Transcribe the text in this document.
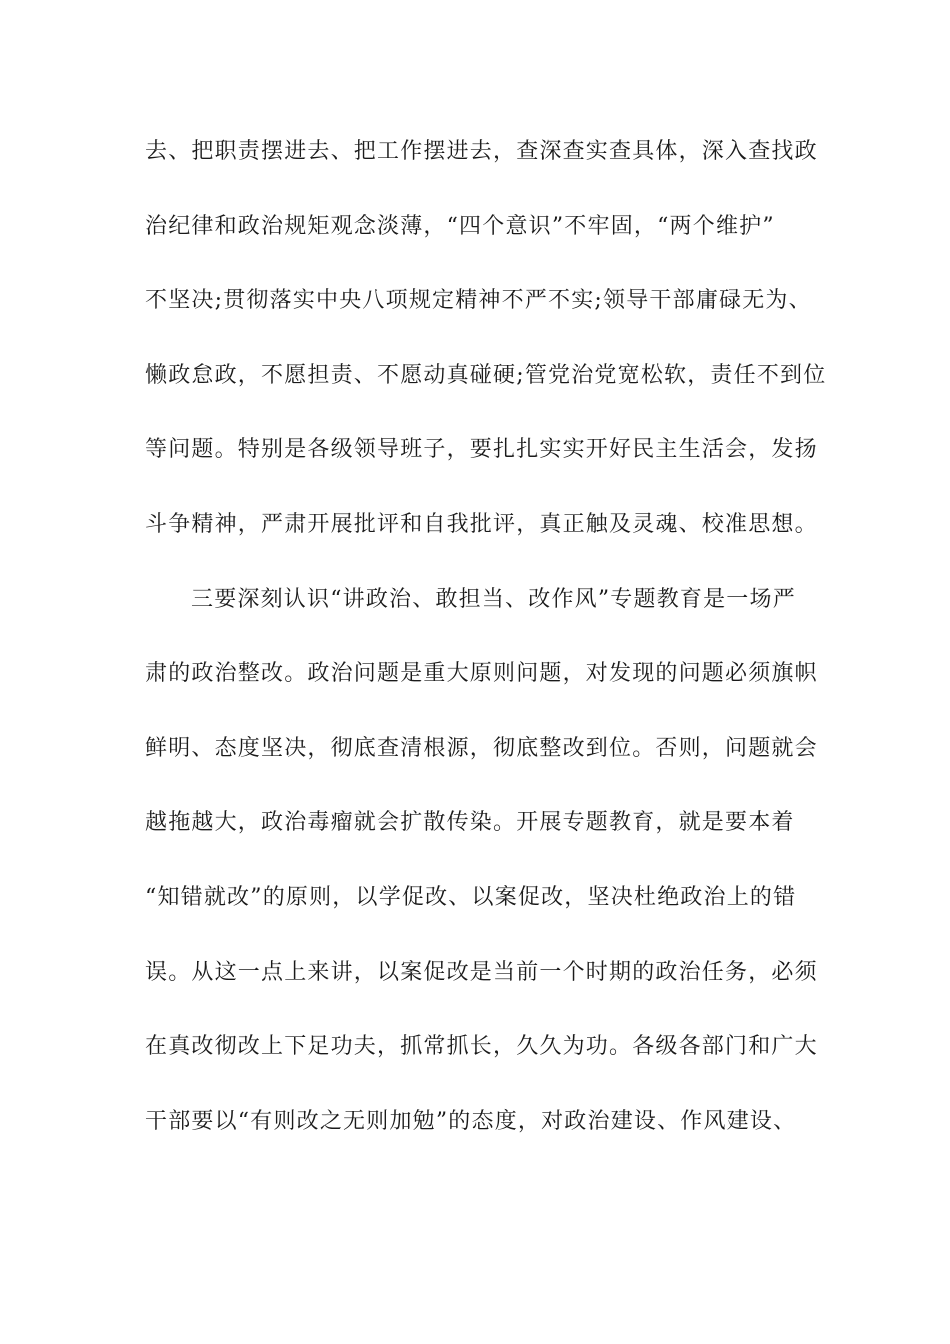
去、把职责摆进去、把工作摆进去，查深查实查具体，深入查找政
治纪律和政治规矩观念淡薄，“四个意识”不牢固，“两个维护”
不坚决;贯彻落实中央八项规定精神不严不实;领导干部庸碌无为、
懒政怠政，不愿担责、不愿动真碰硬;管党治党宽松软，责任不到位
等问题。特别是各级领导班子，要扎扎实实开好民主生活会，发扬
斗争精神，严肃开展批评和自我批评，真正触及灵魂、校准思想。
三要深刻认识“讲政治、敢担当、改作风”专题教育是一场严
肃的政治整改。政治问题是重大原则问题，对发现的问题必须旗帜
鲜明、态度坚决，彻底查清根源，彻底整改到位。否则，问题就会
越拖越大，政治毒瘤就会扩散传染。开展专题教育，就是要本着
“知错就改”的原则，以学促改、以案促改，坚决杜绝政治上的错
误。从这一点上来讲，以案促改是当前一个时期的政治任务，必须
在真改彻改上下足功夫，抓常抓长，久久为功。各级各部门和广大
干部要以“有则改之无则加勉”的态度，对政治建设、作风建设、
